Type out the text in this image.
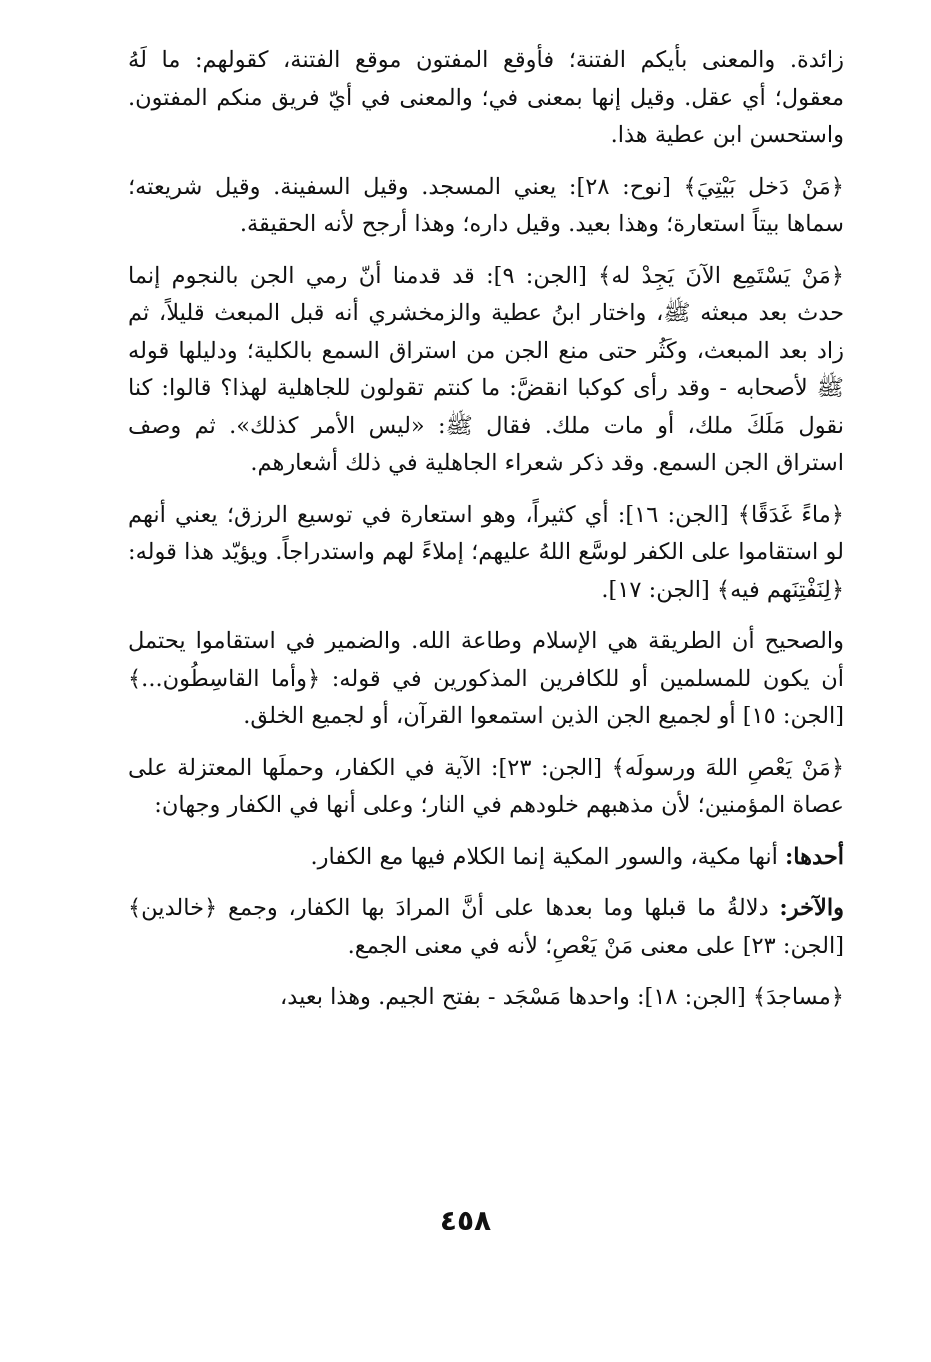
زائدة. والمعنى بأيكم الفتنة؛ فأوقع المفتون موقع الفتنة، كقولهم: ما لَهُ معقول؛ أي عقل. وقيل إنها بمعنى في؛ والمعنى في أيّ فريق منكم المفتون. واستحسن ابن عطية هذا.

﴿مَنْ دَخل بَيْتِيَ﴾ [نوح: ٢٨]: يعني المسجد. وقيل السفينة. وقيل شريعته؛ سماها بيتاً استعارة؛ وهذا بعيد. وقيل داره؛ وهذا أرجح لأنه الحقيقة.

﴿مَنْ يَسْتَمِع الآنَ يَجِدْ له﴾ [الجن: ٩]: قد قدمنا أنّ رمي الجن بالنجوم إنما حدث بعد مبعثه ﷺ، واختار ابنُ عطية والزمخشري أنه قبل المبعث قليلاً، ثم زاد بعد المبعث، وكَثُر حتى منع الجن من استراق السمع بالكلية؛ ودليلها قوله ﷺ لأصحابه - وقد رأى كوكبا انقضَّ: ما كنتم تقولون للجاهلية لهذا؟ قالوا: كنا نقول مَلَكَ ملك، أو مات ملك. فقال ﷺ: «ليس الأمر كذلك». ثم وصف استراق الجن السمع. وقد ذكر شعراء الجاهلية في ذلك أشعارهم.

﴿ماءً غَدَقًا﴾ [الجن: ١٦]: أي كثيراً، وهو استعارة في توسيع الرزق؛ يعني أنهم لو استقاموا على الكفر لوسَّع اللهُ عليهم؛ إملاءً لهم واستدراجاً. ويؤيّد هذا قوله: ﴿لِنَفْتِنَهم فيه﴾ [الجن: ١٧].

والصحيح أن الطريقة هي الإسلام وطاعة الله. والضمير في استقاموا يحتمل أن يكون للمسلمين أو للكافرين المذكورين في قوله: ﴿وأما القاسِطُون...﴾ [الجن: ١٥] أو لجميع الجن الذين استمعوا القرآن، أو لجميع الخلق.

﴿مَنْ يَعْصِ اللهَ ورسولَه﴾ [الجن: ٢٣]: الآية في الكفار، وحملَها المعتزلة على عصاة المؤمنين؛ لأن مذهبهم خلودهم في النار؛ وعلى أنها في الكفار وجهان:

أحدها: أنها مكية، والسور المكية إنما الكلام فيها مع الكفار.

والآخر: دلالةُ ما قبلها وما بعدها على أنَّ المرادَ بها الكفار، وجمع ﴿خالدين﴾ [الجن: ٢٣] على معنى مَنْ يَعْصِ؛ لأنه في معنى الجمع.

﴿مساجدَ﴾ [الجن: ١٨]: واحدها مَسْجَد - بفتح الجيم. وهذا بعيد،

٤٥٨
